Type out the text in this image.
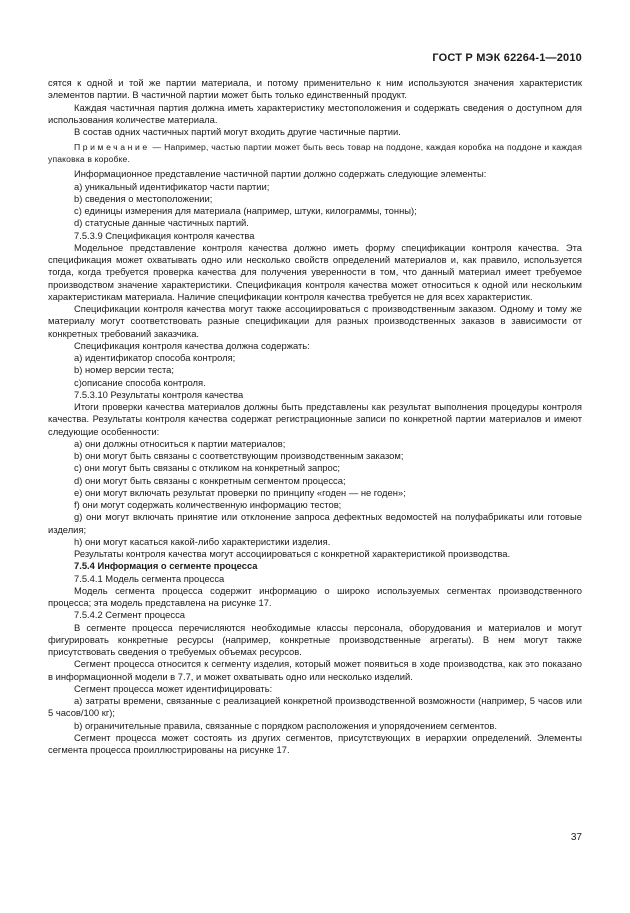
ГОСТ Р МЭК 62264-1—2010

сятся к одной и той же партии материала, и потому применительно к ним используются значения характеристик элементов партии. В частичной партии может быть только единственный продукт.

Каждая частичная партия должна иметь характеристику местоположения и содержать сведения о доступном для использования количестве материала.

В состав одних частичных партий могут входить другие частичные партии.

Примечание — Например, частью партии может быть весь товар на поддоне, каждая коробка на поддоне и каждая упаковка в коробке.

Информационное представление частичной партии должно содержать следующие элементы:

a) уникальный идентификатор части партии;

b) сведения о местоположении;

c) единицы измерения для материала (например, штуки, килограммы, тонны);

d) статусные данные частичных партий.

7.5.3.9 Спецификация контроля качества

Модельное представление контроля качества должно иметь форму спецификации контроля качества. Эта спецификация может охватывать одно или несколько свойств определений материалов и, как правило, используется тогда, когда требуется проверка качества для получения уверенности в том, что данный материал имеет требуемое производством значение характеристики. Спецификация контроля качества может относиться к одной или нескольким характеристикам материала. Наличие спецификации контроля качества требуется не для всех характеристик.

Спецификации контроля качества могут также ассоциироваться с производственным заказом. Одному и тому же материалу могут соответствовать разные спецификации для разных производственных заказов в зависимости от конкретных требований заказчика.

Спецификация контроля качества должна содержать:

a) идентификатор способа контроля;

b) номер версии теста;

c)описание способа контроля.

7.5.3.10 Результаты контроля качества

Итоги проверки качества материалов должны быть представлены как результат выполнения процедуры контроля качества. Результаты контроля качества содержат регистрационные записи по конкретной партии материалов и имеют следующие особенности:

a) они должны относиться к партии материалов;

b) они могут быть связаны с соответствующим производственным заказом;

c) они могут быть связаны с откликом на конкретный запрос;

d) они могут быть связаны с конкретным сегментом процесса;

e) они могут включать результат проверки по принципу «годен — не годен»;

f) они могут содержать количественную информацию тестов;

g) они могут включать принятие или отклонение запроса дефектных ведомостей на полуфабрикаты или готовые изделия;

h) они могут касаться какой-либо характеристики изделия.

Результаты контроля качества могут ассоциироваться с конкретной характеристикой производства.

7.5.4 Информация о сегменте процесса

7.5.4.1 Модель сегмента процесса

Модель сегмента процесса содержит информацию о широко используемых сегментах производственного процесса; эта модель представлена на рисунке 17.

7.5.4.2 Сегмент процесса

В сегменте процесса перечисляются необходимые классы персонала, оборудования и материалов и могут фигурировать конкретные ресурсы (например, конкретные производственные агрегаты). В нем могут также присутствовать сведения о требуемых объемах ресурсов.

Сегмент процесса относится к сегменту изделия, который может появиться в ходе производства, как это показано в информационной модели в 7.7, и может охватывать одно или несколько изделий.

Сегмент процесса может идентифицировать:

a) затраты времени, связанные с реализацией конкретной производственной возможности (например, 5 часов или 5 часов/100 кг);

b) ограничительные правила, связанные с порядком расположения и упорядочением сегментов.

Сегмент процесса может состоять из других сегментов, присутствующих в иерархии определений. Элементы сегмента процесса проиллюстрированы на рисунке 17.

37
